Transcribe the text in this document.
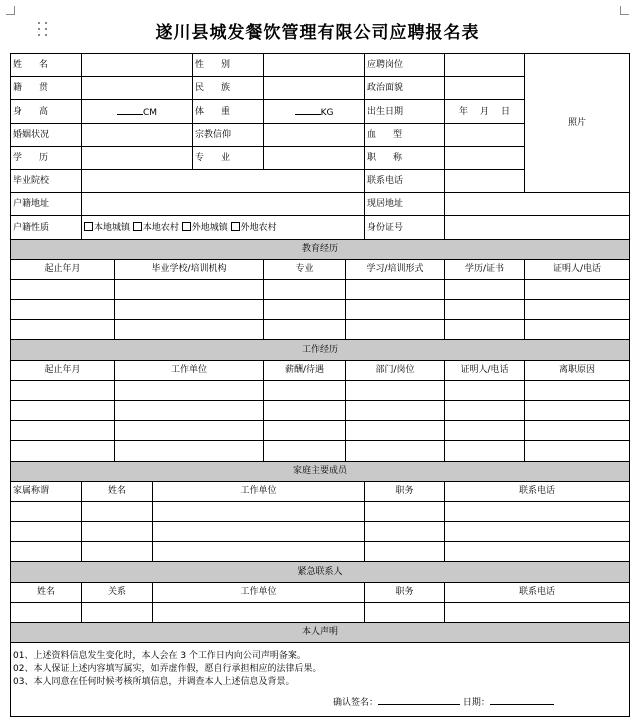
遂川县城发餐饮管理有限公司应聘报名表
姓　名				性　别			应聘岗位		照片
籍　贯				民　族			政治面貌		
身　高	CM			体　重	KG		出生日期	年 月 日	

婚姻状况				宗教信仰			血　型		
学　历				专　业			职　称		
毕业院校							联系电话		
户籍地址							现居地址		
户籍性质	本地城镇 本地农村 外地城镇 外地农村						身份证号		
教育经历									
起止年月		毕业学校/培训机构			专业	学习/培训形式		学历/证书	证明人/电话

工作经历									
起止年月		工作单位			薪酬/待遇	部门/岗位		证明人/电话	离职原因

家庭主要成员									
家属称谓	姓名		工作单位				职务	联系电话	

紧急联系人									
姓名	关系		工作单位				职务	联系电话	

本人声明									

01、上述资料信息发生变化时，本人会在 3 个工作日内向公司声明备案。
02、本人保证上述内容填写属实，如弄虚作假，愿自行承担相应的法律后果。
03、本人同意在任何时候考核所填信息，并调查本人上述信息及背景。
确认签名： 日期：									
